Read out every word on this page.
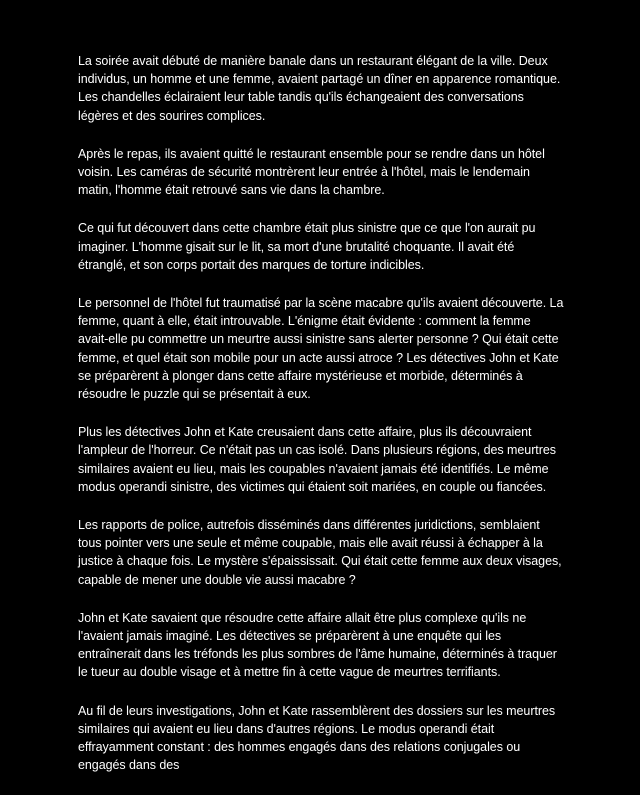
La soirée avait débuté de manière banale dans un restaurant élégant de la ville. Deux individus, un homme et une femme, avaient partagé un dîner en apparence romantique. Les chandelles éclairaient leur table tandis qu'ils échangeaient des conversations légères et des sourires complices.

Après le repas, ils avaient quitté le restaurant ensemble pour se rendre dans un hôtel voisin. Les caméras de sécurité montrèrent leur entrée à l'hôtel, mais le lendemain matin, l'homme était retrouvé sans vie dans la chambre.

Ce qui fut découvert dans cette chambre était plus sinistre que ce que l'on aurait pu imaginer. L'homme gisait sur le lit, sa mort d'une brutalité choquante. Il avait été étranglé, et son corps portait des marques de torture indicibles.

Le personnel de l'hôtel fut traumatisé par la scène macabre qu'ils avaient découverte. La femme, quant à elle, était introuvable. L'énigme était évidente : comment la femme avait-elle pu commettre un meurtre aussi sinistre sans alerter personne ? Qui était cette femme, et quel était son mobile pour un acte aussi atroce ? Les détectives John et Kate se préparèrent à plonger dans cette affaire mystérieuse et morbide, déterminés à résoudre le puzzle qui se présentait à eux.

Plus les détectives John et Kate creusaient dans cette affaire, plus ils découvraient l'ampleur de l'horreur. Ce n'était pas un cas isolé. Dans plusieurs régions, des meurtres similaires avaient eu lieu, mais les coupables n'avaient jamais été identifiés. Le même modus operandi sinistre, des victimes qui étaient soit mariées, en couple ou fiancées.

Les rapports de police, autrefois disséminés dans différentes juridictions, semblaient tous pointer vers une seule et même coupable, mais elle avait réussi à échapper à la justice à chaque fois. Le mystère s'épaississait. Qui était cette femme aux deux visages, capable de mener une double vie aussi macabre ?

John et Kate savaient que résoudre cette affaire allait être plus complexe qu'ils ne l'avaient jamais imaginé. Les détectives se préparèrent à une enquête qui les entraînerait dans les tréfonds les plus sombres de l'âme humaine, déterminés à traquer le tueur au double visage et à mettre fin à cette vague de meurtres terrifiants.

Au fil de leurs investigations, John et Kate rassemblèrent des dossiers sur les meurtres similaires qui avaient eu lieu dans d'autres régions. Le modus operandi était effrayamment constant : des hommes engagés dans des relations conjugales ou engagés dans des
